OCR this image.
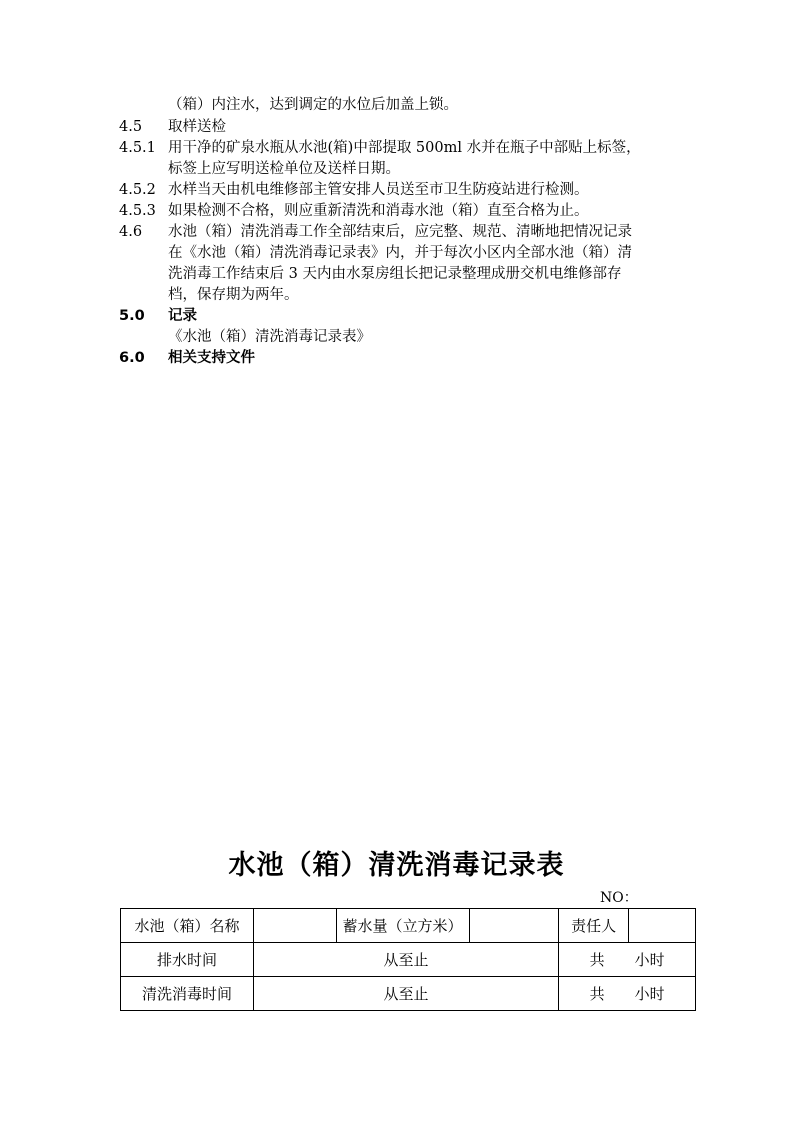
（箱）内注水，达到调定的水位后加盖上锁。
4.5 取样送检
4.5.1 用干净的矿泉水瓶从水池(箱)中部提取 500ml 水并在瓶子中部贴上标签，
标签上应写明送检单位及送样日期。
4.5.2 水样当天由机电维修部主管安排人员送至市卫生防疫站进行检测。
4.5.3 如果检测不合格，则应重新清洗和消毒水池（箱）直至合格为止。
4.6 水池（箱）清洗消毒工作全部结束后，应完整、规范、清晰地把情况记录
在《水池（箱）清洗消毒记录表》内，并于每次小区内全部水池（箱）清
洗消毒工作结束后 3 天内由水泵房组长把记录整理成册交机电维修部存
档，保存期为两年。
5.0 记录
《水池（箱）清洗消毒记录表》
6.0 相关支持文件
水池（箱）清洗消毒记录表
NO：
水池（箱）名称		蓄水量（立方米）		责任人	
排水时间	从至止			共 小时	
清洗消毒时间	从至止			共 小时	
